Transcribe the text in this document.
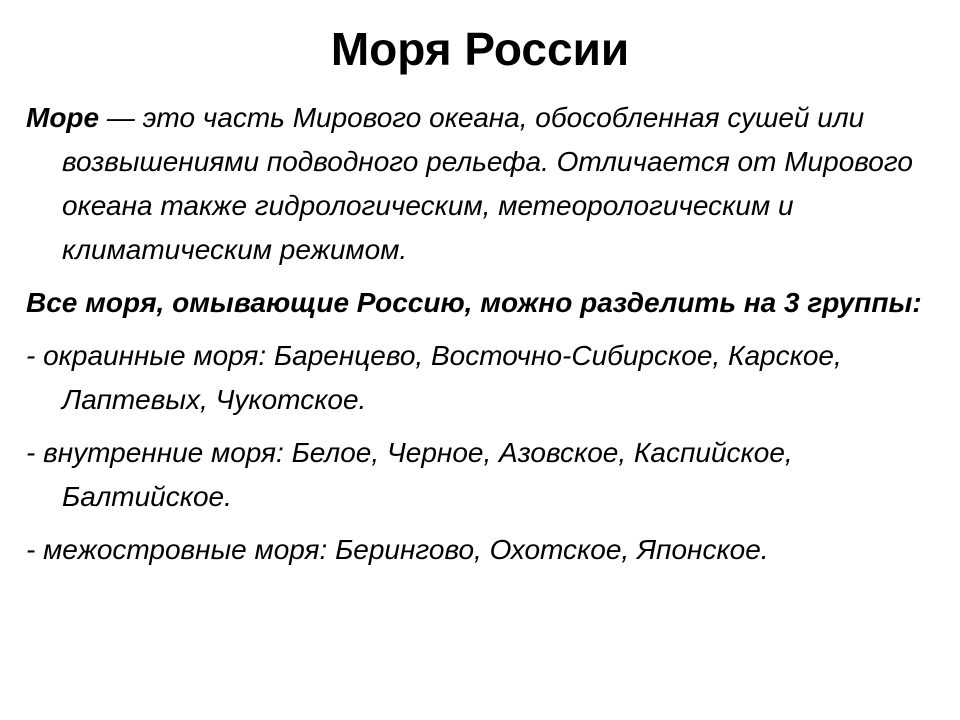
Моря России

Море — это часть Мирового океана, обособленная сушей или возвышениями подводного рельефа. Отличается от Мирового океана также гидрологическим, метеорологическим и климатическим режимом.

Все моря, омывающие Россию, можно разделить на 3 группы:

- окраинные моря: Баренцево, Восточно-Сибирское, Карское, Лаптевых, Чукотское.

- внутренние моря: Белое, Черное, Азовское, Каспийское, Балтийское.

- межостровные моря: Берингово, Охотское, Японское.
